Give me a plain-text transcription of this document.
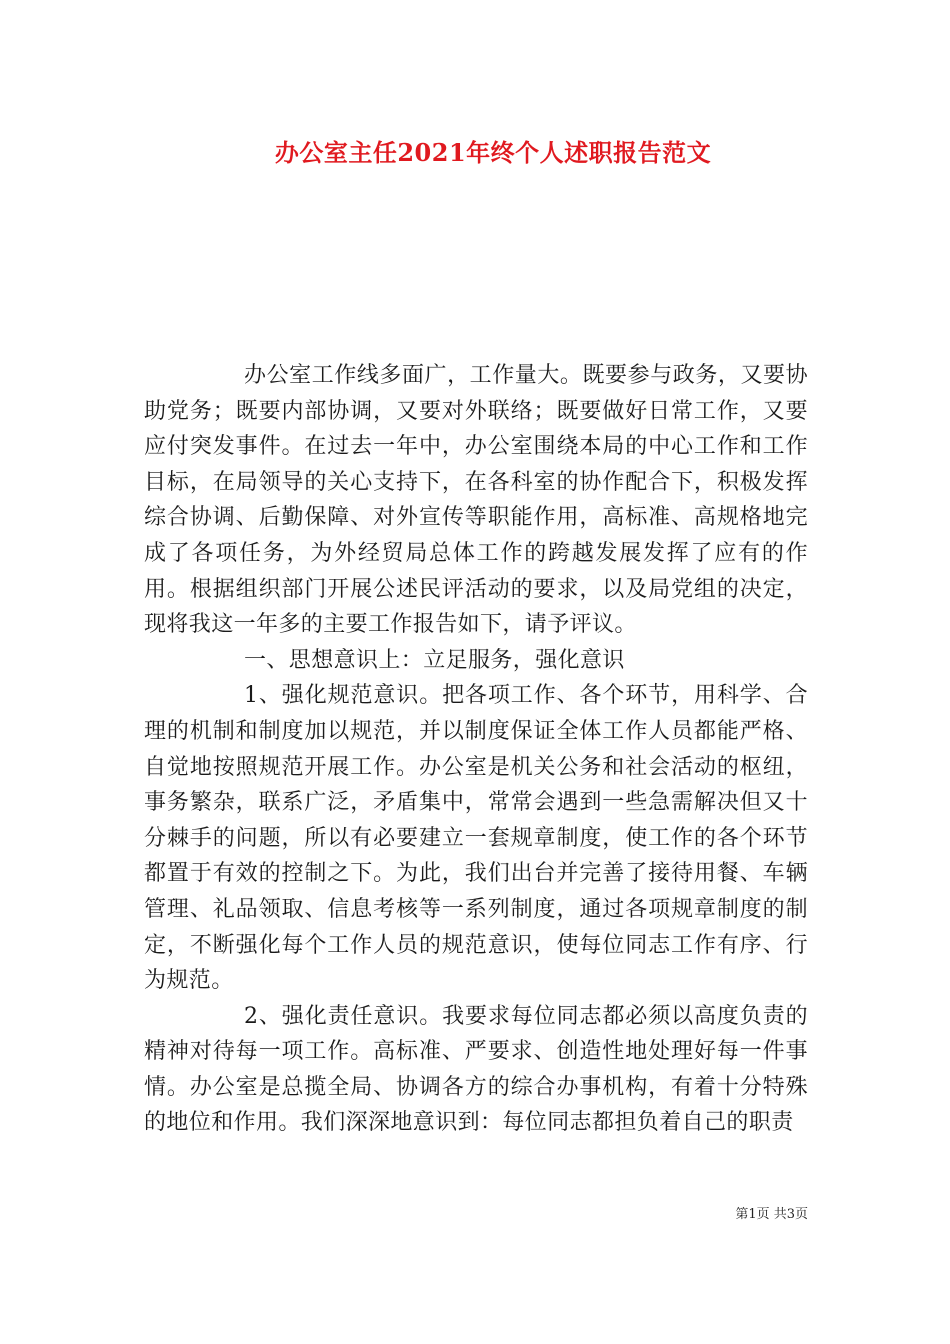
办公室主任2021年终个人述职报告范文

办公室工作线多面广，工作量大。既要参与政务，又要协助党务；既要内部协调，又要对外联络；既要做好日常工作，又要应付突发事件。在过去一年中，办公室围绕本局的中心工作和工作目标，在局领导的关心支持下，在各科室的协作配合下，积极发挥综合协调、后勤保障、对外宣传等职能作用，高标准、高规格地完成了各项任务，为外经贸局总体工作的跨越发展发挥了应有的作用。根据组织部门开展公述民评活动的要求，以及局党组的决定，现将我这一年多的主要工作报告如下，请予评议。

一、思想意识上：立足服务，强化意识

1、强化规范意识。把各项工作、各个环节，用科学、合理的机制和制度加以规范，并以制度保证全体工作人员都能严格、自觉地按照规范开展工作。办公室是机关公务和社会活动的枢纽，事务繁杂，联系广泛，矛盾集中，常常会遇到一些急需解决但又十分棘手的问题，所以有必要建立一套规章制度，使工作的各个环节都置于有效的控制之下。为此，我们出台并完善了接待用餐、车辆管理、礼品领取、信息考核等一系列制度，通过各项规章制度的制定，不断强化每个工作人员的规范意识，使每位同志工作有序、行为规范。

2、强化责任意识。我要求每位同志都必须以高度负责的精神对待每一项工作。高标准、严要求、创造性地处理好每一件事情。办公室是总揽全局、协调各方的综合办事机构，有着十分特殊的地位和作用。我们深深地意识到：每位同志都担负着自己的职责

第1页 共3页
